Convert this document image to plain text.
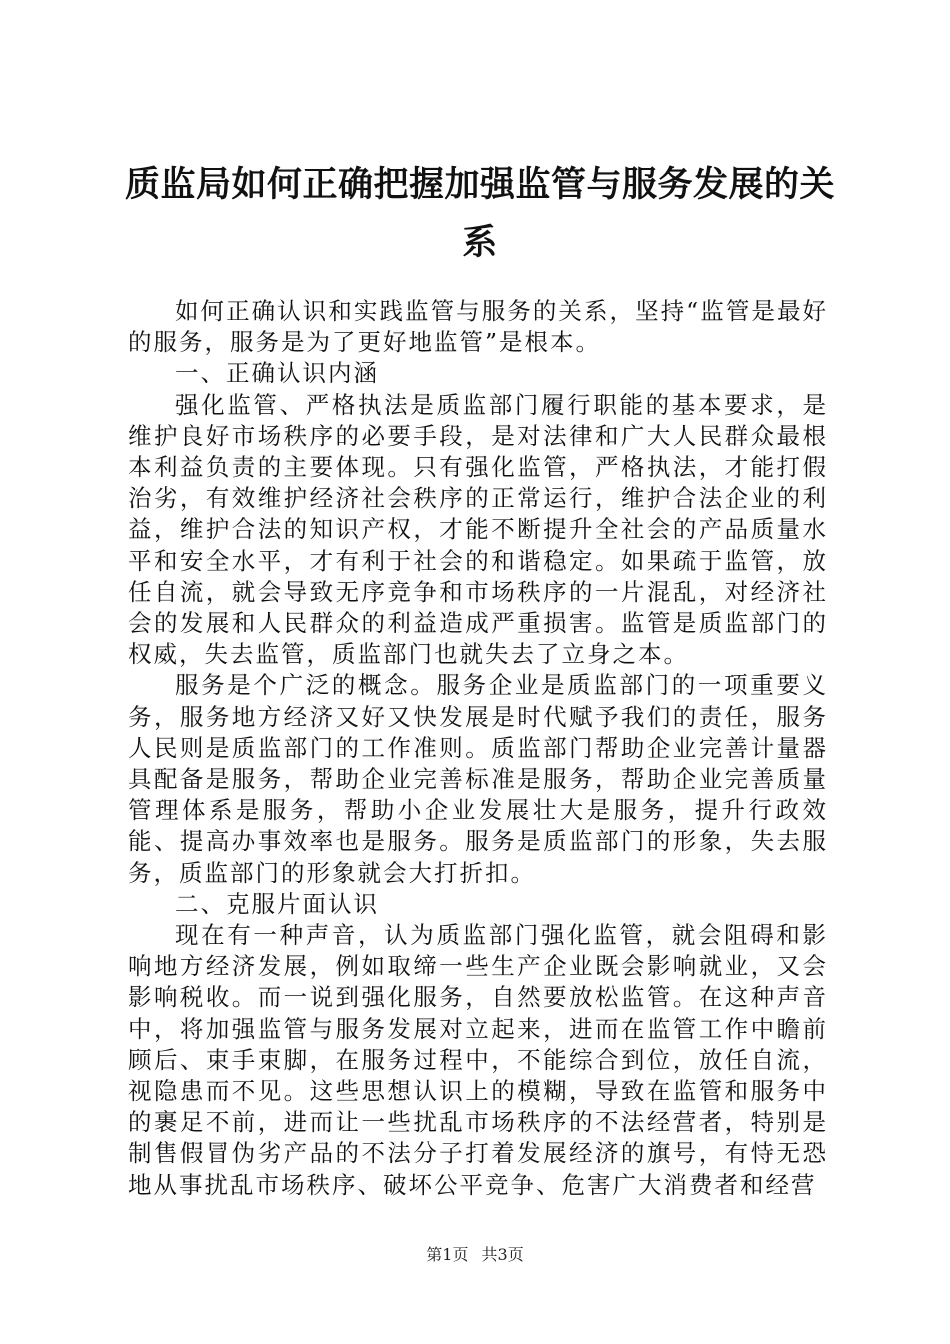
质监局如何正确把握加强监管与服务发展的关系

如何正确认识和实践监管与服务的关系，坚持“监管是最好的服务，服务是为了更好地监管”是根本。

一、正确认识内涵

强化监管、严格执法是质监部门履行职能的基本要求，是维护良好市场秩序的必要手段，是对法律和广大人民群众最根本利益负责的主要体现。只有强化监管，严格执法，才能打假治劣，有效维护经济社会秩序的正常运行，维护合法企业的利益，维护合法的知识产权，才能不断提升全社会的产品质量水平和安全水平，才有利于社会的和谐稳定。如果疏于监管，放任自流，就会导致无序竞争和市场秩序的一片混乱，对经济社会的发展和人民群众的利益造成严重损害。监管是质监部门的权威，失去监管，质监部门也就失去了立身之本。

服务是个广泛的概念。服务企业是质监部门的一项重要义务，服务地方经济又好又快发展是时代赋予我们的责任，服务人民则是质监部门的工作准则。质监部门帮助企业完善计量器具配备是服务，帮助企业完善标准是服务，帮助企业完善质量管理体系是服务，帮助小企业发展壮大是服务，提升行政效能、提高办事效率也是服务。服务是质监部门的形象，失去服务，质监部门的形象就会大打折扣。

二、克服片面认识

现在有一种声音，认为质监部门强化监管，就会阻碍和影响地方经济发展，例如取缔一些生产企业既会影响就业，又会影响税收。而一说到强化服务，自然要放松监管。在这种声音中，将加强监管与服务发展对立起来，进而在监管工作中瞻前顾后、束手束脚，在服务过程中，不能综合到位，放任自流，视隐患而不见。这些思想认识上的模糊，导致在监管和服务中的裹足不前，进而让一些扰乱市场秩序的不法经营者，特别是制售假冒伪劣产品的不法分子打着发展经济的旗号，有恃无恐地从事扰乱市场秩序、破坏公平竞争、危害广大消费者和经营

第1页 共3页
